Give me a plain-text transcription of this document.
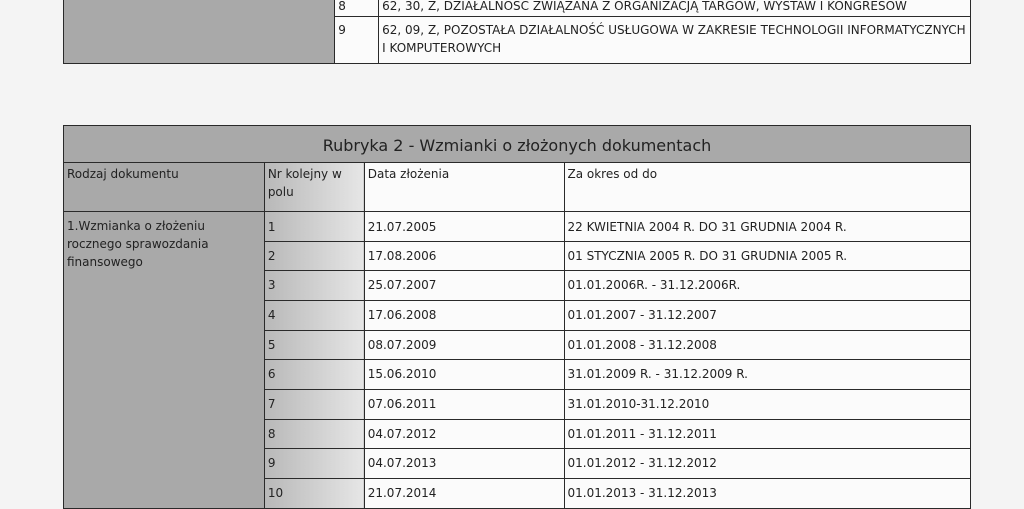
	8	62, 30, Z, DZIAŁALNOŚĆ ZWIĄZANA Z ORGANIZACJĄ TARGÓW, WYSTAW I KONGRESÓW

	9	62, 09, Z, POZOSTAŁA DZIAŁALNOŚĆ USŁUGOWA W ZAKRESIE TECHNOLOGII INFORMATYCZNYCH I KOMPUTEROWYCH
Rubryka 2 - Wzmianki o złożonych dokumentach			

Rodzaj dokumentu	Nr kolejny w polu	Data złożenia	Za okres od do

1.Wzmianka o złożeniu rocznego sprawozdania finansowego	1	21.07.2005	22 KWIETNIA 2004 R. DO 31 GRUDNIA 2004 R.

	2	17.08.2006	01 STYCZNIA 2005 R. DO 31 GRUDNIA 2005 R.

	3	25.07.2007	01.01.2006R. - 31.12.2006R.

	4	17.06.2008	01.01.2007 - 31.12.2007

	5	08.07.2009	01.01.2008 - 31.12.2008

	6	15.06.2010	31.01.2009 R. - 31.12.2009 R.

	7	07.06.2011	31.01.2010-31.12.2010

	8	04.07.2012	01.01.2011 - 31.12.2011

	9	04.07.2013	01.01.2012 - 31.12.2012

	10	21.07.2014	01.01.2013 - 31.12.2013
